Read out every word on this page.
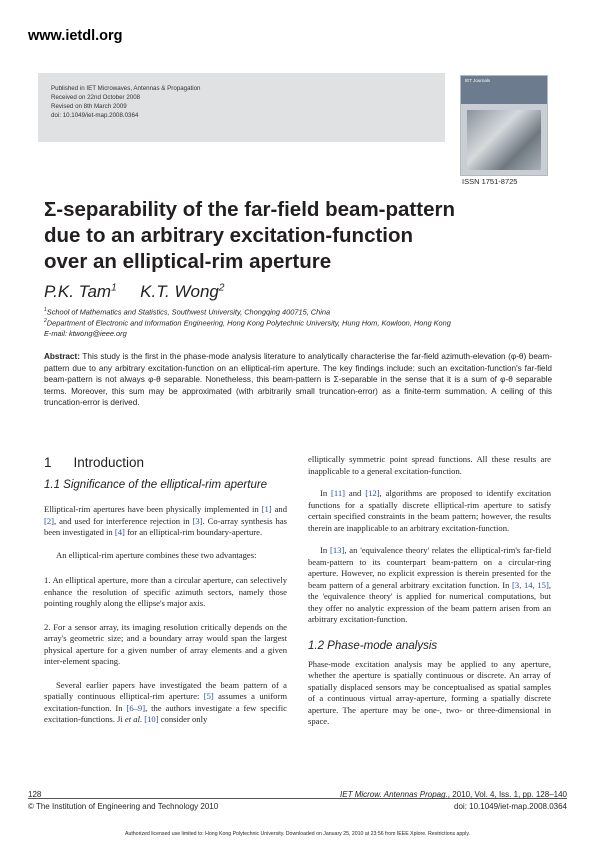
www.ietdl.org
Published in IET Microwaves, Antennas & Propagation
Received on 22nd October 2008
Revised on 8th March 2009
doi: 10.1049/iet-map.2008.0364
IET Journals
ISSN 1751-8725
Σ-separability of the far-field beam-pattern
due to an arbitrary excitation-function
over an elliptical-rim aperture
P.K. Tam$^1$ K.T. Wong$^2$
$^1$School of Mathematics and Statistics, Southwest University, Chongqing 400715, China
$^2$Department of Electronic and Information Engineering, Hong Kong Polytechnic University, Hung Hom, Kowloon, Hong Kong
E-mail: ktwong@ieee.org
Abstract: This study is the first in the phase-mode analysis literature to analytically characterise the far-field azimuth-elevation (φ-θ) beam-pattern due to any arbitrary excitation-function on an elliptical-rim aperture. The key findings include: such an excitation-function's far-field beam-pattern is not always φ-θ separable. Nonetheless, this beam-pattern is Σ-separable in the sense that it is a sum of φ-θ separable terms. Moreover, this sum may be approximated (with arbitrarily small truncation-error) as a finite-term summation. A ceiling of this truncation-error is derived.
1 Introduction
1.1 Significance of the elliptical-rim aperture

Elliptical-rim apertures have been physically implemented in [1] and [2], and used for interference rejection in [3]. Co-array synthesis has been investigated in [4] for an elliptical-rim boundary-aperture.

An elliptical-rim aperture combines these two advantages:

1. An elliptical aperture, more than a circular aperture, can selectively enhance the resolution of specific azimuth sectors, namely those pointing roughly along the ellipse's major axis.

2. For a sensor array, its imaging resolution critically depends on the array's geometric size; and a boundary array would span the largest physical aperture for a given number of array elements and a given inter-element spacing.

Several earlier papers have investigated the beam pattern of a spatially continuous elliptical-rim aperture: [5] assumes a uniform excitation-function. In [6–9], the authors investigate a few specific excitation-functions. Ji et al. [10] consider only

elliptically symmetric point spread functions. All these results are inapplicable to a general excitation-function.

In [11] and [12], algorithms are proposed to identify excitation functions for a spatially discrete elliptical-rim aperture to satisfy certain specified constraints in the beam pattern; however, the results therein are inapplicable to an arbitrary excitation-function.

In [13], an 'equivalence theory' relates the elliptical-rim's far-field beam-pattern to its counterpart beam-pattern on a circular-ring aperture. However, no explicit expression is therein presented for the beam pattern of a general arbitrary excitation function. In [3, 14, 15], the 'equivalence theory' is applied for numerical computations, but they offer no analytic expression of the beam pattern arisen from an arbitrary excitation-function.

1.2 Phase-mode analysis

Phase-mode excitation analysis may be applied to any aperture, whether the aperture is spatially continuous or discrete. An array of spatially displaced sensors may be conceptualised as spatial samples of a continuous virtual array-aperture, forming a spatially discrete aperture. The aperture may be one-, two- or three-dimensional in space.

128
© The Institution of Engineering and Technology 2010
IET Microw. Antennas Propag., 2010, Vol. 4, Iss. 1, pp. 128–140
doi: 10.1049/iet-map.2008.0364
Authorized licensed use limited to: Hong Kong Polytechnic University. Downloaded on January 25, 2010 at 23:56 from IEEE Xplore. Restrictions apply.
